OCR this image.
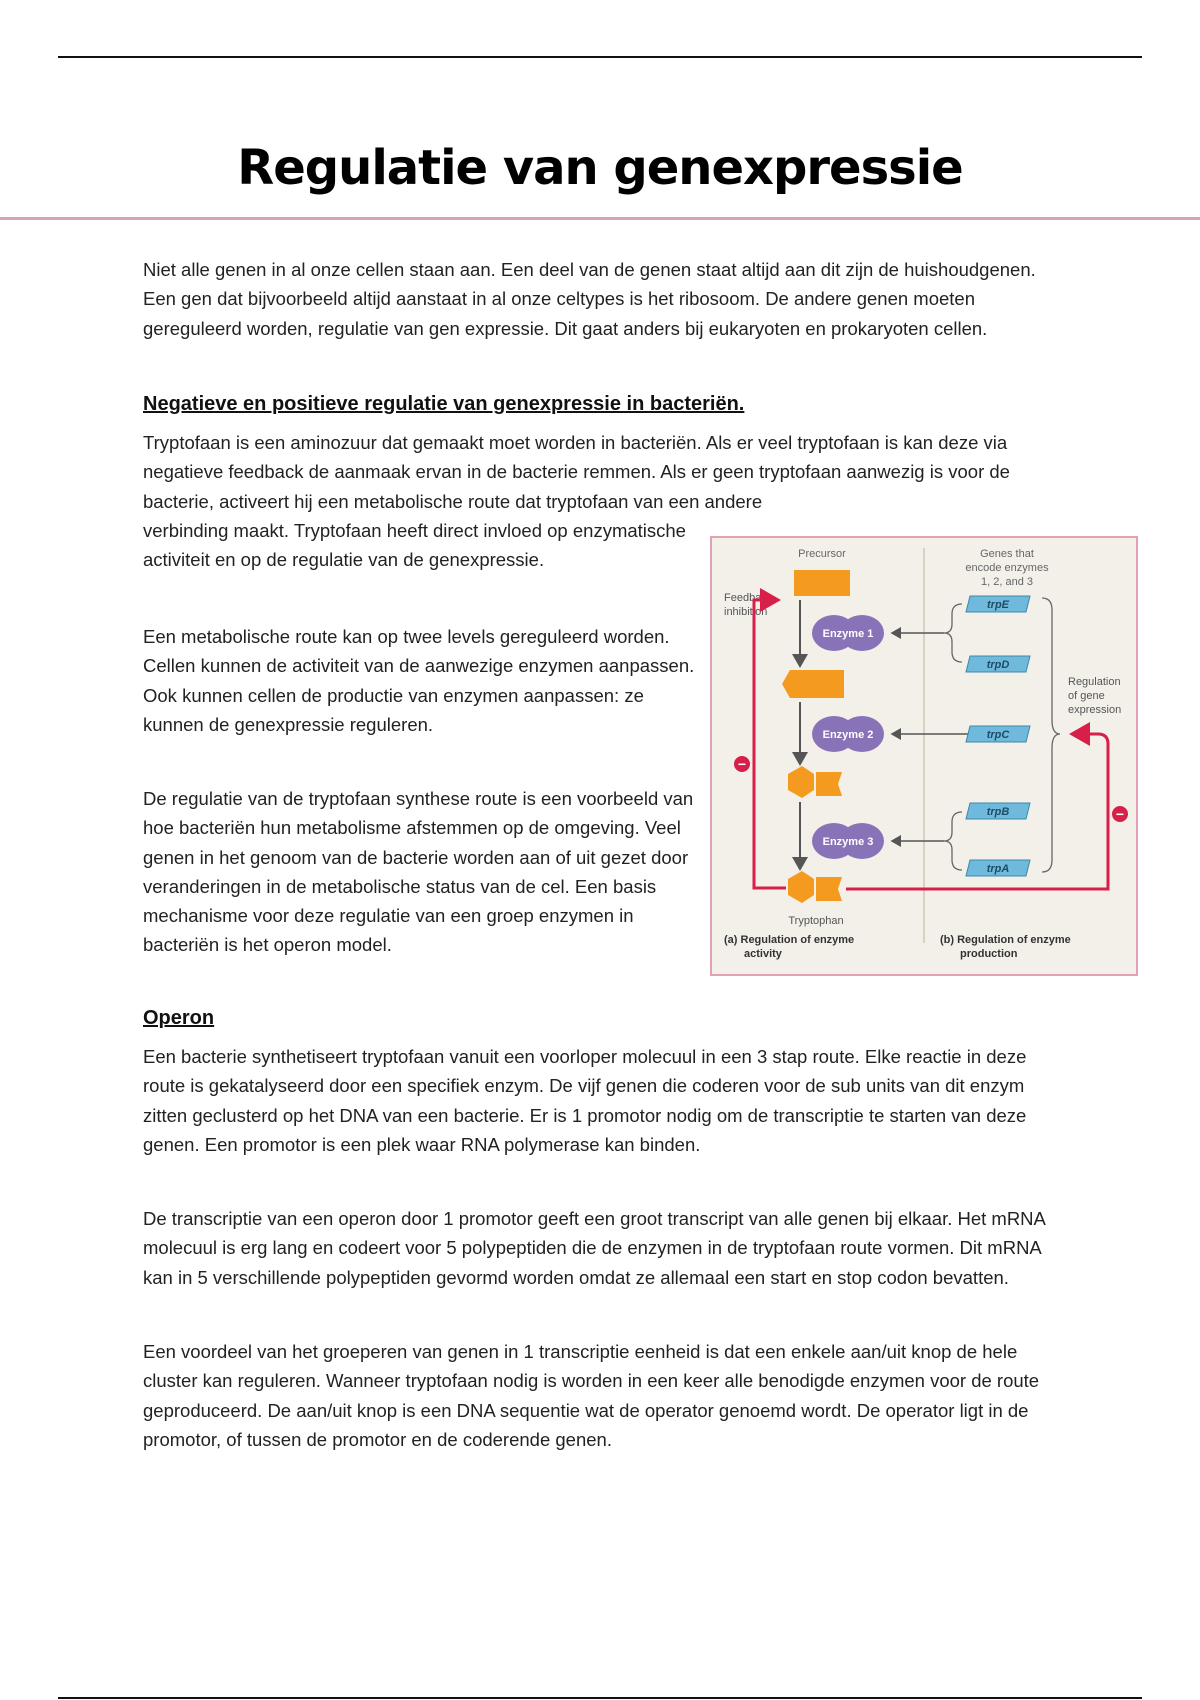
Regulatie van genexpressie

Niet alle genen in al onze cellen staan aan. Een deel van de genen staat altijd aan dit zijn de huishoudgenen. Een gen dat bijvoorbeeld altijd aanstaat in al onze celtypes is het ribosoom. De andere genen moeten gereguleerd worden, regulatie van gen expressie. Dit gaat anders bij eukaryoten en prokaryoten cellen.

Negatieve en positieve regulatie van genexpressie in bacteriën.

Tryptofaan is een aminozuur dat gemaakt moet worden in bacteriën. Als er veel tryptofaan is kan deze via negatieve feedback de aanmaak ervan in de bacterie remmen. Als er geen tryptofaan aanwezig is voor de bacterie, activeert hij een metabolische route dat tryptofaan van een andere

verbinding maakt. Tryptofaan heeft direct invloed op enzymatische activiteit en op de regulatie van de genexpressie.

Een metabolische route kan op twee levels gereguleerd worden. Cellen kunnen de activiteit van de aanwezige enzymen aanpassen. Ook kunnen cellen de productie van enzymen aanpassen: ze kunnen de genexpressie reguleren.

De regulatie van de tryptofaan synthese route is een voorbeeld van hoe bacteriën hun metabolisme afstemmen op de omgeving. Veel genen in het genoom van de bacterie worden aan of uit gezet door veranderingen in de metabolische status van de cel. Een basis mechanisme voor deze regulatie van een groep enzymen in bacteriën is het operon model.

Operon

Een bacterie synthetiseert tryptofaan vanuit een voorloper molecuul in een 3 stap route. Elke reactie in deze route is gekatalyseerd door een specifiek enzym. De vijf genen die coderen voor de sub units van dit enzym zitten geclusterd op het DNA van een bacterie. Er is 1 promotor nodig om de transcriptie te starten van deze genen. Een promotor is een plek waar RNA polymerase kan binden.

De transcriptie van een operon door 1 promotor geeft een groot transcript van alle genen bij elkaar. Het mRNA molecuul is erg lang en codeert voor 5 polypeptiden die de enzymen in de tryptofaan route vormen. Dit mRNA kan in 5 verschillende polypeptiden gevormd worden omdat ze allemaal een start en stop codon bevatten.

Een voordeel van het groeperen van genen in 1 transcriptie eenheid is dat een enkele aan/uit knop de hele cluster kan reguleren. Wanneer tryptofaan nodig is worden in een keer alle benodigde enzymen voor de route geproduceerd. De aan/uit knop is een DNA sequentie wat de operator genoemd wordt. De operator ligt in de promotor, of tussen de promotor en de coderende genen.

Precursor
Feedback
inhibition
Genes that
encode enzymes
1, 2, and 3
Enzyme 1
Enzyme 2
Enzyme 3
−
trpE
trpD
trpC
trpB
trpA
Regulation
of gene
expression
−
Tryptophan
(a) Regulation of enzyme
activity
(b) Regulation of enzyme
production
